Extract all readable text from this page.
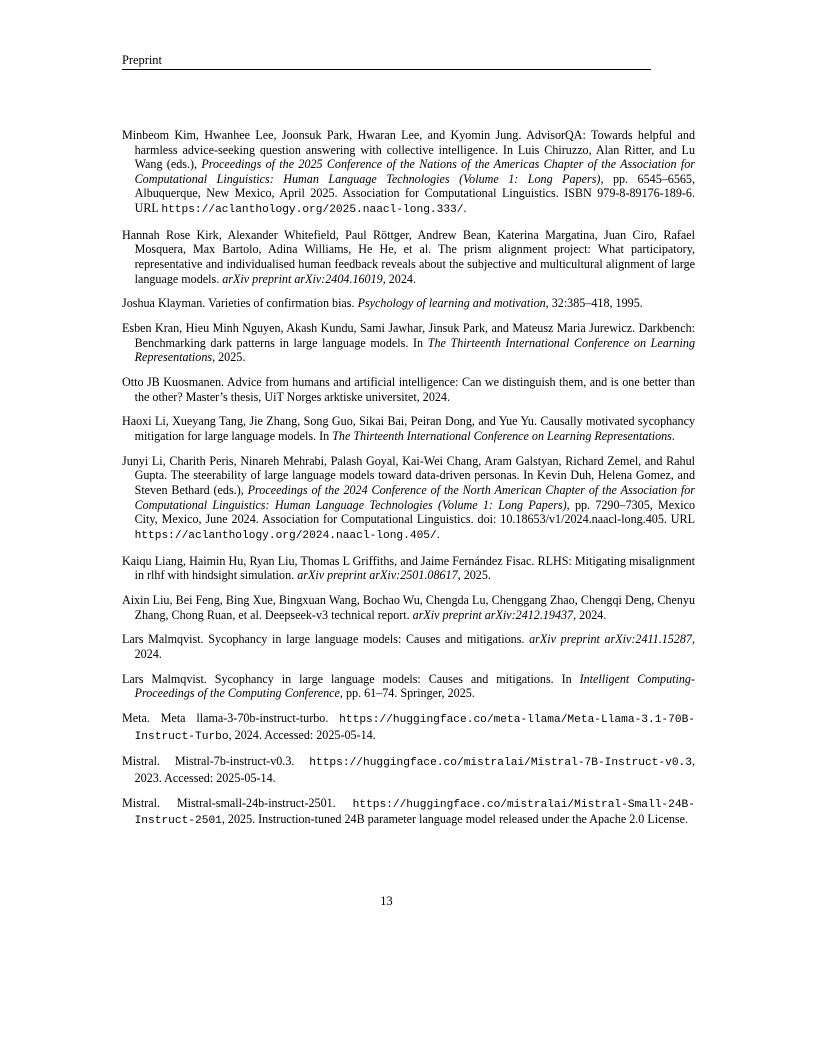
Preprint

Minbeom Kim, Hwanhee Lee, Joonsuk Park, Hwaran Lee, and Kyomin Jung. AdvisorQA: Towards helpful and harmless advice-seeking question answering with collective intelligence. In Luis Chiruzzo, Alan Ritter, and Lu Wang (eds.), Proceedings of the 2025 Conference of the Nations of the Americas Chapter of the Association for Computational Linguistics: Human Language Technologies (Volume 1: Long Papers), pp. 6545–6565, Albuquerque, New Mexico, April 2025. Association for Computational Linguistics. ISBN 979-8-89176-189-6. URL https://aclanthology.org/2025.naacl-long.333/.

Hannah Rose Kirk, Alexander Whitefield, Paul Röttger, Andrew Bean, Katerina Margatina, Juan Ciro, Rafael Mosquera, Max Bartolo, Adina Williams, He He, et al. The prism alignment project: What participatory, representative and individualised human feedback reveals about the subjective and multicultural alignment of large language models. arXiv preprint arXiv:2404.16019, 2024.

Joshua Klayman. Varieties of confirmation bias. Psychology of learning and motivation, 32:385–418, 1995.

Esben Kran, Hieu Minh Nguyen, Akash Kundu, Sami Jawhar, Jinsuk Park, and Mateusz Maria Jurewicz. Darkbench: Benchmarking dark patterns in large language models. In The Thirteenth International Conference on Learning Representations, 2025.

Otto JB Kuosmanen. Advice from humans and artificial intelligence: Can we distinguish them, and is one better than the other? Master’s thesis, UiT Norges arktiske universitet, 2024.

Haoxi Li, Xueyang Tang, Jie Zhang, Song Guo, Sikai Bai, Peiran Dong, and Yue Yu. Causally motivated sycophancy mitigation for large language models. In The Thirteenth International Conference on Learning Representations.

Junyi Li, Charith Peris, Ninareh Mehrabi, Palash Goyal, Kai-Wei Chang, Aram Galstyan, Richard Zemel, and Rahul Gupta. The steerability of large language models toward data-driven personas. In Kevin Duh, Helena Gomez, and Steven Bethard (eds.), Proceedings of the 2024 Conference of the North American Chapter of the Association for Computational Linguistics: Human Language Technologies (Volume 1: Long Papers), pp. 7290–7305, Mexico City, Mexico, June 2024. Association for Computational Linguistics. doi: 10.18653/v1/2024.naacl-long.405. URL https://aclanthology.org/2024.naacl-long.405/.

Kaiqu Liang, Haimin Hu, Ryan Liu, Thomas L Griffiths, and Jaime Fernández Fisac. RLHS: Mitigating misalignment in rlhf with hindsight simulation. arXiv preprint arXiv:2501.08617, 2025.

Aixin Liu, Bei Feng, Bing Xue, Bingxuan Wang, Bochao Wu, Chengda Lu, Chenggang Zhao, Chengqi Deng, Chenyu Zhang, Chong Ruan, et al. Deepseek-v3 technical report. arXiv preprint arXiv:2412.19437, 2024.

Lars Malmqvist. Sycophancy in large language models: Causes and mitigations. arXiv preprint arXiv:2411.15287, 2024.

Lars Malmqvist. Sycophancy in large language models: Causes and mitigations. In Intelligent Computing-Proceedings of the Computing Conference, pp. 61–74. Springer, 2025.

Meta. Meta llama-3-70b-instruct-turbo. https://huggingface.co/meta-llama/Meta-Llama-3.1-70B-Instruct-Turbo, 2024. Accessed: 2025-05-14.

Mistral. Mistral-7b-instruct-v0.3. https://huggingface.co/mistralai/Mistral-7B-Instruct-v0.3, 2023. Accessed: 2025-05-14.

Mistral. Mistral-small-24b-instruct-2501. https://huggingface.co/mistralai/Mistral-Small-24B-Instruct-2501, 2025. Instruction-tuned 24B parameter language model released under the Apache 2.0 License.

13
